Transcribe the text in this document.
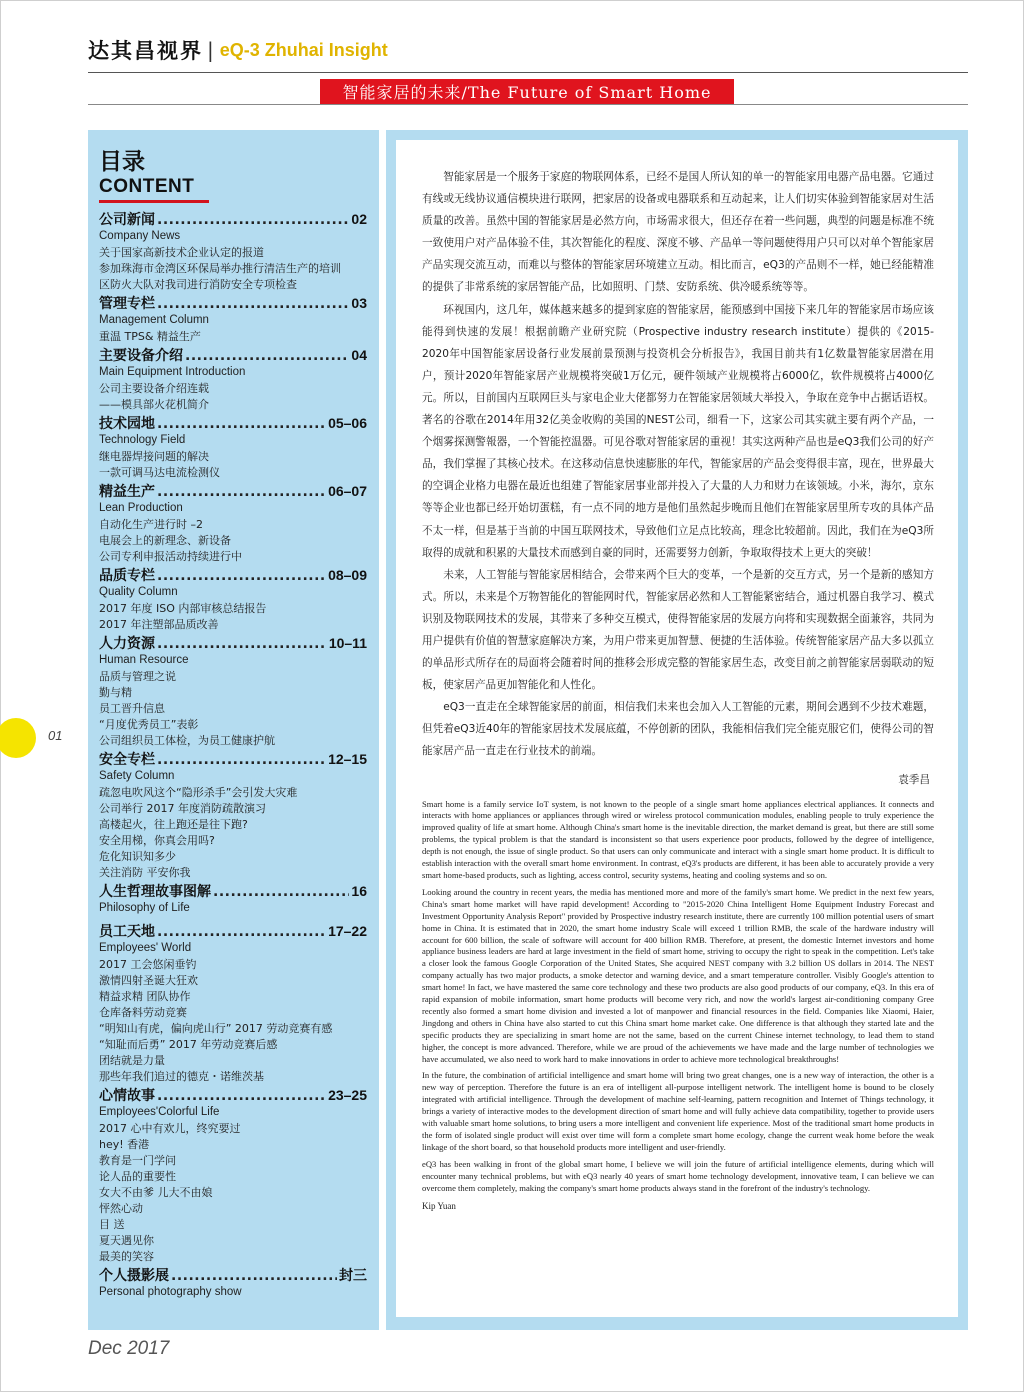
达其昌视界 | eQ-3 Zhuhai Insight
智能家居的未来/The Future of Smart Home
目录
CONTENT
公司新闻 .....	02
Company News
关于国家高新技术企业认定的报道
参加珠海市金湾区环保局举办推行清洁生产的培训
区防火大队对我司进行消防安全专项检查
管理专栏 .....	03
Management Column
重温 TPS& 精益生产
主要设备介绍 .....	04
Main Equipment Introduction
公司主要设备介绍连载
——模具部火花机简介
技术园地 .....	05–06
Technology Field
继电器焊接问题的解决
一款可调马达电流检测仪
精益生产 .....	06–07
Lean Production
自动化生产进行时 –2
电展会上的新理念、新设备
公司专利申报活动持续进行中
品质专栏 .....	08–09
Quality Column
2017 年度 ISO 内部审核总结报告
2017 年注塑部品质改善
人力资源 .....	10–11
Human Resource
品质与管理之说
勤与精
员工晋升信息
“月度优秀员工”表彰
公司组织员工体检，为员工健康护航
安全专栏 .....	12–15
Safety Column
疏忽电吹风这个“隐形杀手”会引发大灾难
公司举行 2017 年度消防疏散演习
高楼起火，往上跑还是往下跑?
安全用梯，你真会用吗?
危化知识知多少
关注消防 平安你我
人生哲理故事图解 .....	16
Philosophy of Life
员工天地 .....	17–22
Employees' World
2017 工会悠闲垂钓
激情四射圣诞大狂欢
精益求精 团队协作
仓库备料劳动竞赛
“明知山有虎，偏向虎山行” 2017 劳动竞赛有感
“知耻而后勇” 2017 年劳动竞赛后感
团结就是力量
那些年我们追过的德克・诺维茨基
心情故事 .....	23–25
Employees'Colorful Life
2017 心中有欢儿，终究要过
hey! 香港
教育是一门学问
论人品的重要性
女大不由爹 儿大不由娘
怦然心动
目 送
夏天遇见你
最美的笑容
个人摄影展 .....	封三
Personal photography show

智能家居是一个服务于家庭的物联网体系，已经不是国人所认知的单一的智能家用电器产品电器。它通过有线或无线协议通信模块进行联网，把家居的设备或电器联系和互动起来，让人们切实体验到智能家居对生活质量的改善。虽然中国的智能家居是必然方向，市场需求很大，但还存在着一些问题，典型的问题是标准不统一致使用户对产品体验不佳，其次智能化的程度、深度不够、产品单一等问题使得用户只可以对单个智能家居产品实现交流互动，而难以与整体的智能家居环境建立互动。相比而言，eQ3的产品则不一样，她已经能精准的提供了非常系统的家居智能产品，比如照明、门禁、安防系统、供冷暖系统等等。

环视国内，这几年，媒体越来越多的提到家庭的智能家居，能预感到中国接下来几年的智能家居市场应该能得到快速的发展！根据前瞻产业研究院（Prospective industry research institute）提供的《2015-2020年中国智能家居设备行业发展前景预测与投资机会分析报告》，我国目前共有1亿数量智能家居潜在用户，预计2020年智能家居产业规模将突破1万亿元，硬件领域产业规模将占6000亿，软件规模将占4000亿元。所以，目前国内互联网巨头与家电企业大佬都努力在智能家居领域大举投入，争取在竞争中占据话语权。著名的谷歌在2014年用32亿美金收购的美国的NEST公司，细看一下，这家公司其实就主要有两个产品，一个烟雾探测警報器，一个智能控温器。可见谷歌对智能家居的重视！其实这两种产品也是eQ3我们公司的好产品，我们掌握了其核心技术。在这移动信息快速膨胀的年代，智能家居的产品会变得很丰富，现在，世界最大的空调企业格力电器在最近也组建了智能家居事业部并投入了大量的人力和财力在该领域。小米，海尔，京东等等企业也都已经开始切蛋糕，有一点不同的地方是他们虽然起步晚而且他们在智能家居里所专攻的具体产品不太一样，但是基于当前的中国互联网技术，导致他们立足点比较高，理念比较超前。因此，我们在为eQ3所取得的成就和积累的大量技术而感到自豪的同时，还需要努力创新，争取取得技术上更大的突破！

未来，人工智能与智能家居相结合，会带来两个巨大的变革，一个是新的交互方式，另一个是新的感知方式。所以，未来是个万物智能化的智能网时代，智能家居必然和人工智能紧密结合，通过机器自我学习、模式识别及物联网技术的发展，其带来了多种交互模式，使得智能家居的发展方向将和实现数据全面兼容，共同为用户提供有价值的智慧家庭解决方案，为用户带来更加智慧、便捷的生活体验。传统智能家居产品大多以孤立的单品形式所存在的局面将会随着时间的推移会形成完整的智能家居生态，改变目前之前智能家居弱联动的短板，使家居产品更加智能化和人性化。

eQ3一直走在全球智能家居的前面，相信我们未来也会加入人工智能的元素，期间会遇到不少技术难题，但凭着eQ3近40年的智能家居技术发展底蕴，不停创新的团队，我能相信我们完全能克服它们，使得公司的智能家居产品一直走在行业技术的前端。

袁季昌

Smart home is a family service IoT system, is not known to the people of a single smart home appliances electrical appliances. It connects and interacts with home appliances or appliances through wired or wireless protocol communication modules, enabling people to truly experience the improved quality of life at smart home. Although China's smart home is the inevitable direction, the market demand is great, but there are still some problems, the typical problem is that the standard is inconsistent so that users experience poor products, followed by the degree of intelligence, depth is not enough, the issue of single product. So that users can only communicate and interact with a single smart home product. It is difficult to establish interaction with the overall smart home environment. In contrast, eQ3's products are different, it has been able to accurately provide a very smart home-based products, such as lighting, access control, security systems, heating and cooling systems and so on.

Looking around the country in recent years, the media has mentioned more and more of the family's smart home. We predict in the next few years, China's smart home market will have rapid development! According to "2015-2020 China Intelligent Home Equipment Industry Forecast and Investment Opportunity Analysis Report" provided by Prospective industry research institute, there are currently 100 million potential users of smart home in China. It is estimated that in 2020, the smart home industry Scale will exceed 1 trillion RMB, the scale of the hardware industry will account for 600 billion, the scale of software will account for 400 billion RMB. Therefore, at present, the domestic Internet investors and home appliance business leaders are hard at large investment in the field of smart home, striving to occupy the right to speak in the competition. Let's take a closer look the famous Google Corporation of the United States, She acquired NEST company with 3.2 billion US dollars in 2014. The NEST company actually has two major products, a smoke detector and warning device, and a smart temperature controller. Visibly Google's attention to smart home! In fact, we have mastered the same core technology and these two products are also good products of our company, eQ3. In this era of rapid expansion of mobile information, smart home products will become very rich, and now the world's largest air-conditioning company Gree recently also formed a smart home division and invested a lot of manpower and financial resources in the field. Companies like Xiaomi, Haier, Jingdong and others in China have also started to cut this China smart home market cake. One difference is that although they started late and the specific products they are specializing in smart home are not the same, based on the current Chinese internet technology, to lead them to stand higher, the concept is more advanced. Therefore, while we are proud of the achievements we have made and the large number of technologies we have accumulated, we also need to work hard to make innovations in order to achieve more technological breakthroughs!

In the future, the combination of artificial intelligence and smart home will bring two great changes, one is a new way of interaction, the other is a new way of perception. Therefore the future is an era of intelligent all-purpose intelligent network. The intelligent home is bound to be closely integrated with artificial intelligence. Through the development of machine self-learning, pattern recognition and Internet of Things technology, it brings a variety of interactive modes to the development direction of smart home and will fully achieve data compatibility, together to provide users with valuable smart home solutions, to bring users a more intelligent and convenient life experience. Most of the traditional smart home products in the form of isolated single product will exist over time will form a complete smart home ecology, change the current weak home before the weak linkage of the short board, so that household products more intelligent and user-friendly.

eQ3 has been walking in front of the global smart home, I believe we will join the future of artificial intelligence elements, during which will encounter many technical problems, but with eQ3 nearly 40 years of smart home technology development, innovative team, I can believe we can overcome them completely, making the company's smart home products always stand in the forefront of the industry's technology.

Kip Yuan
01
Dec 2017
